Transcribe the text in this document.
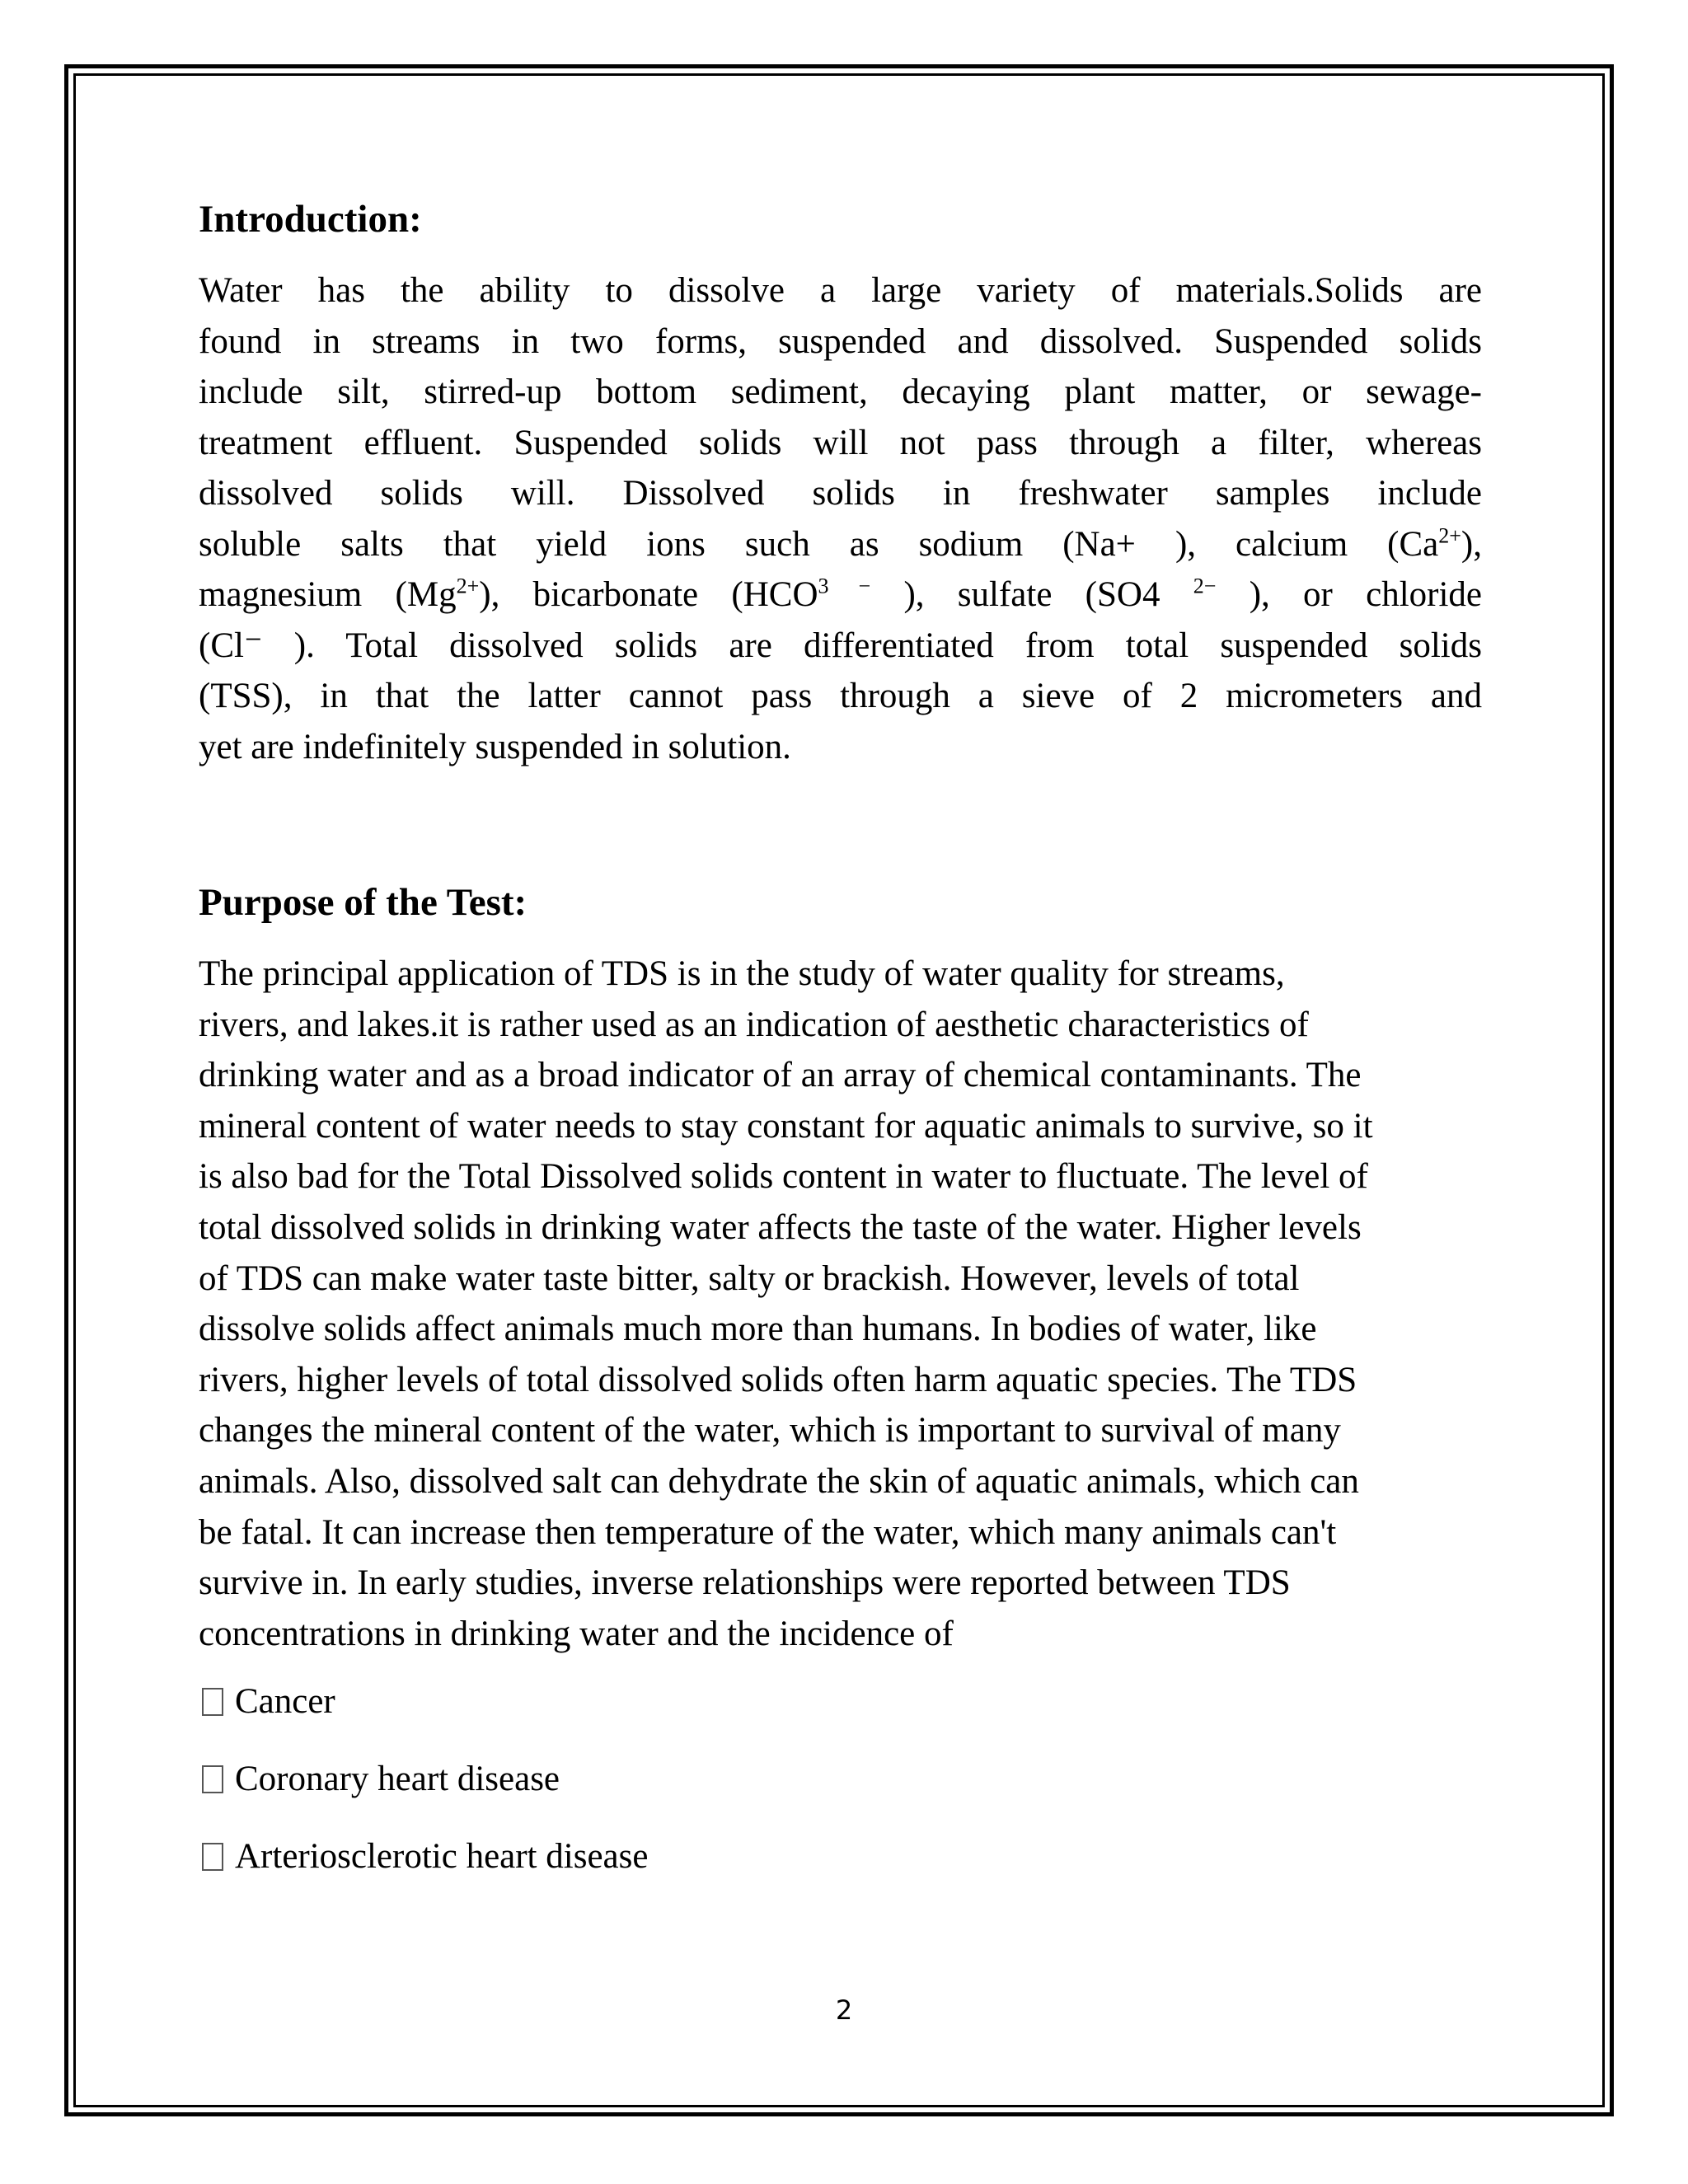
Introduction:

Water has the ability to dissolve a large variety of materials.Solids are
found in streams in two forms, suspended and dissolved. Suspended solids
include silt, stirred-up bottom sediment, decaying plant matter, or sewage-
treatment effluent. Suspended solids will not pass through a filter, whereas
dissolved solids will. Dissolved solids in freshwater samples include
soluble salts that yield ions such as sodium (Na+ ), calcium $(Ca^{2+})$,
magnesium $(Mg^{2+})$, bicarbonate ($HCO^{3 -}$ ), sulfate (SO4 $^{2-}$ ), or chloride
(Cl⁻ ). Total dissolved solids are differentiated from total suspended solids
(TSS), in that the latter cannot pass through a sieve of 2 micrometers and
yet are indefinitely suspended in solution.

Purpose of the Test:

The principal application of TDS is in the study of water quality for streams,
rivers, and lakes.it is rather used as an indication of aesthetic characteristics of
drinking water and as a broad indicator of an array of chemical contaminants. The
mineral content of water needs to stay constant for aquatic animals to survive, so it
is also bad for the Total Dissolved solids content in water to fluctuate. The level of
total dissolved solids in drinking water affects the taste of the water. Higher levels
of TDS can make water taste bitter, salty or brackish. However, levels of total
dissolve solids affect animals much more than humans. In bodies of water, like
rivers, higher levels of total dissolved solids often harm aquatic species. The TDS
changes the mineral content of the water, which is important to survival of many
animals. Also, dissolved salt can dehydrate the skin of aquatic animals, which can
be fatal. It can increase then temperature of the water, which many animals can't
survive in. In early studies, inverse relationships were reported between TDS
concentrations in drinking water and the incidence of

Cancer
Coronary heart disease
Arteriosclerotic heart disease
2
